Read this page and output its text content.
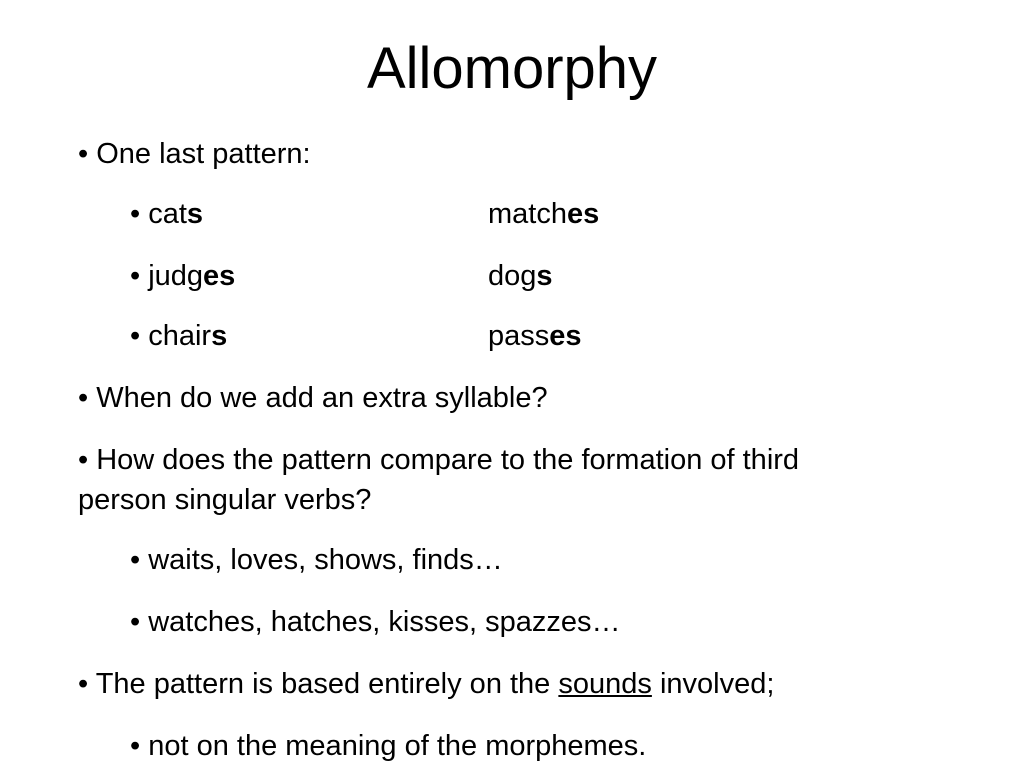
Allomorphy
• One last pattern:
• cats	matches
• judges	dogs
• chairs	passes
• When do we add an extra syllable?
• How does the pattern compare to the formation of third
person singular verbs?
• waits, loves, shows, finds…
• watches, hatches, kisses, spazzes…
• The pattern is based entirely on the sounds involved;
• not on the meaning of the morphemes.
